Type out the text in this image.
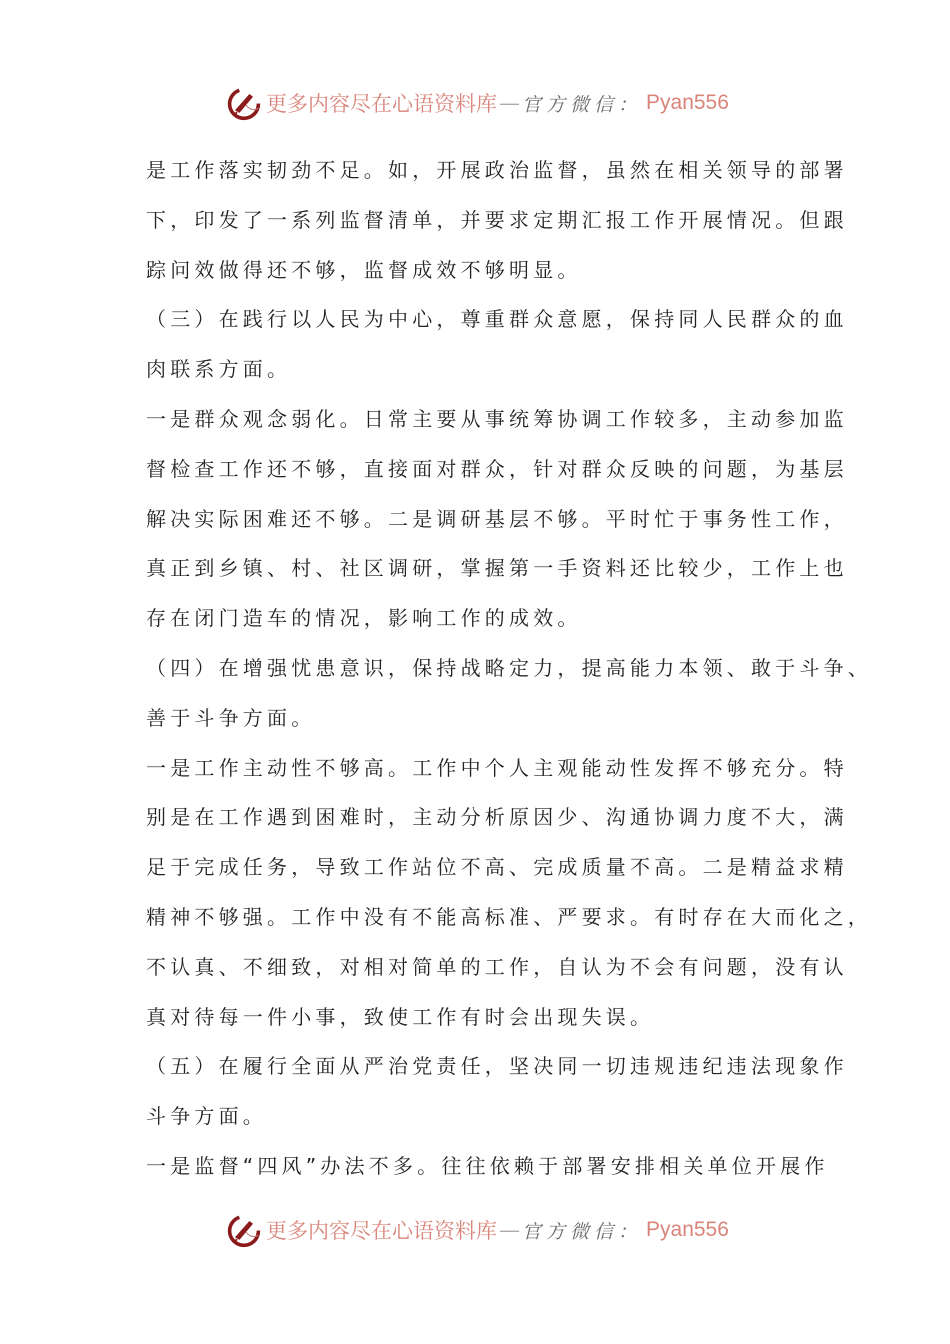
更多内容尽在心语资料库 — 官方微信： Pyan556
是工作落实韧劲不足。如，开展政治监督，虽然在相关领导的部署
下，印发了一系列监督清单，并要求定期汇报工作开展情况。但跟
踪问效做得还不够，监督成效不够明显。
（三）在践行以人民为中心，尊重群众意愿，保持同人民群众的血
肉联系方面。
一是群众观念弱化。日常主要从事统筹协调工作较多，主动参加监
督检查工作还不够，直接面对群众，针对群众反映的问题，为基层
解决实际困难还不够。二是调研基层不够。平时忙于事务性工作，
真正到乡镇、村、社区调研，掌握第一手资料还比较少，工作上也
存在闭门造车的情况，影响工作的成效。
（四）在增强忧患意识，保持战略定力，提高能力本领、敢于斗争、
善于斗争方面。
一是工作主动性不够高。工作中个人主观能动性发挥不够充分。特
别是在工作遇到困难时，主动分析原因少、沟通协调力度不大，满
足于完成任务，导致工作站位不高、完成质量不高。二是精益求精
精神不够强。工作中没有不能高标准、严要求。有时存在大而化之，
不认真、不细致，对相对简单的工作，自认为不会有问题，没有认
真对待每一件小事，致使工作有时会出现失误。
（五）在履行全面从严治党责任，坚决同一切违规违纪违法现象作
斗争方面。
一是监督“四风”办法不多。往往依赖于部署安排相关单位开展作
更多内容尽在心语资料库 — 官方微信： Pyan556
